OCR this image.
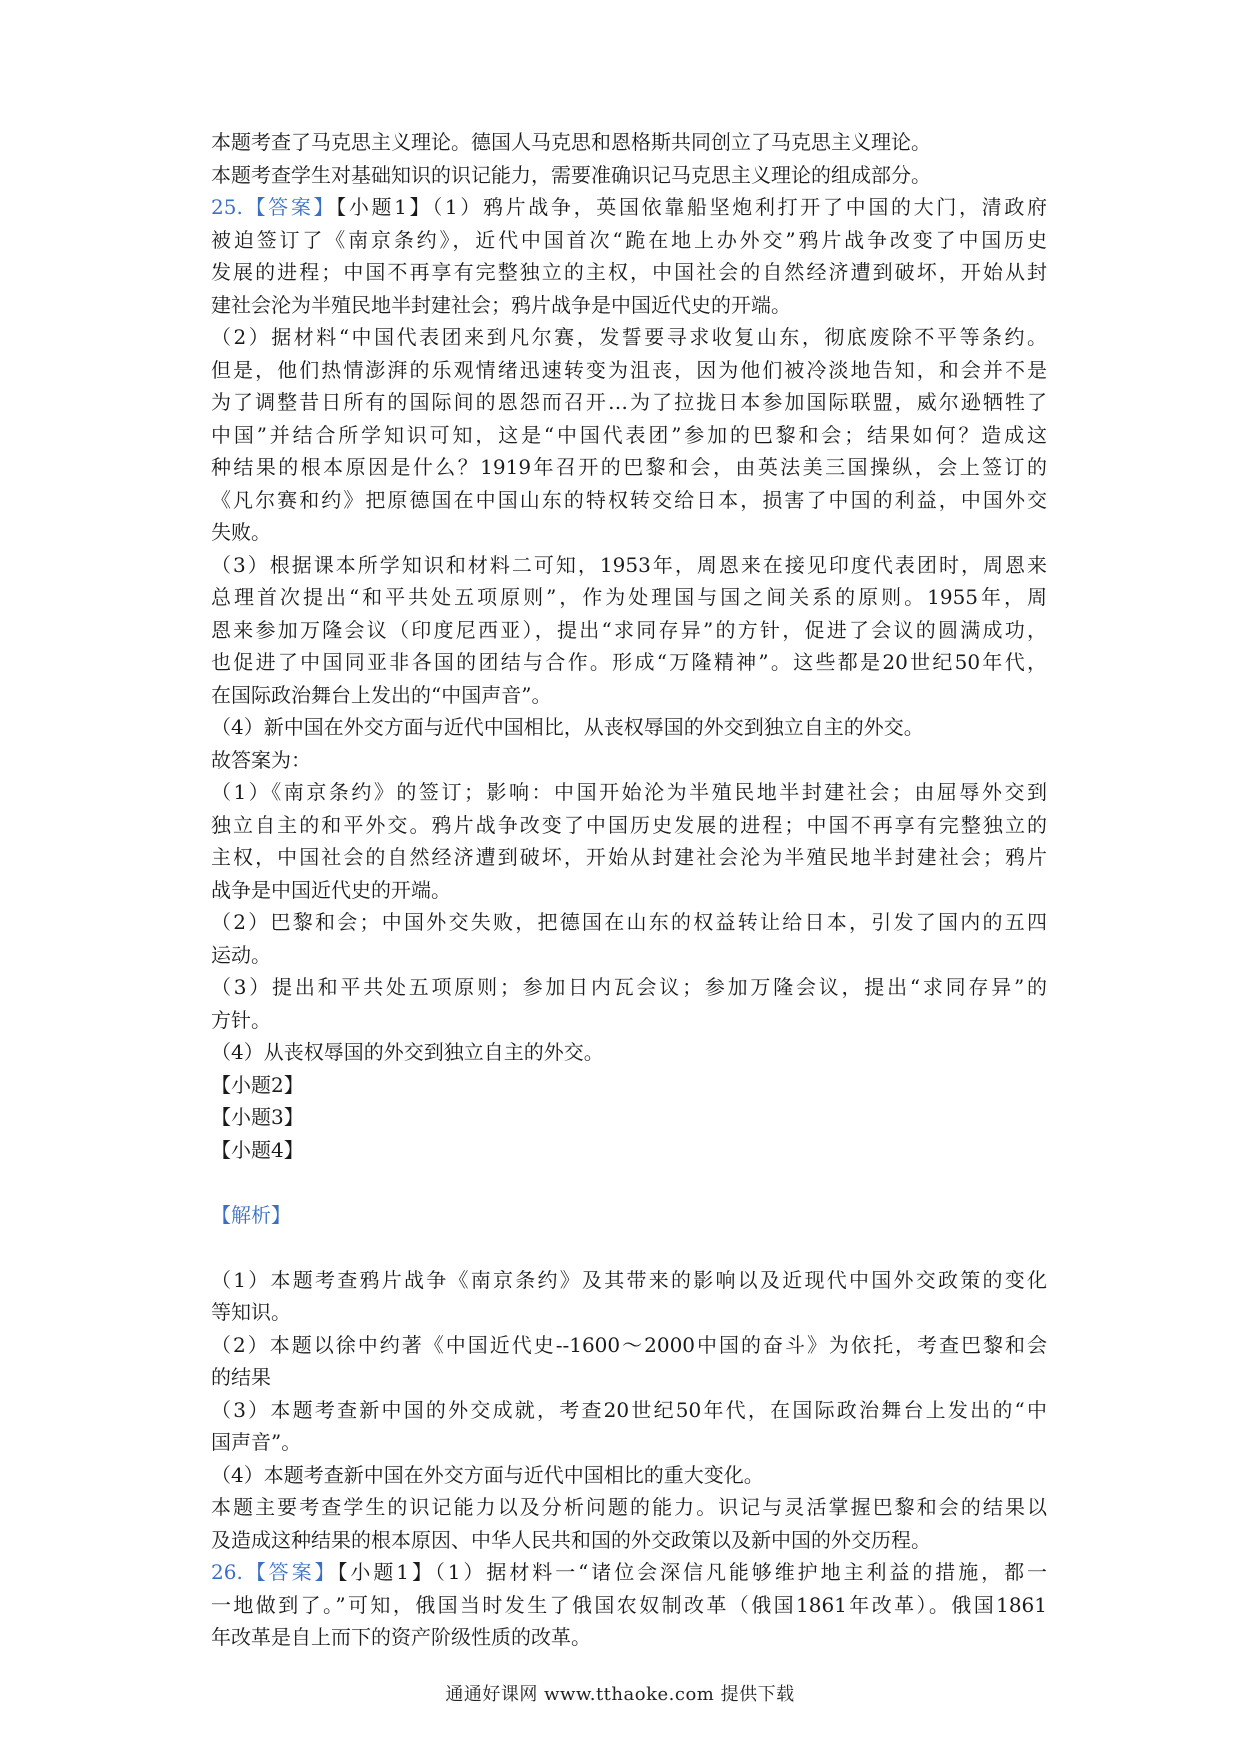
本题考查了马克思主义理论。德国人马克思和恩格斯共同创立了马克思主义理论。
本题考查学生对基础知识的识记能力，需要准确识记马克思主义理论的组成部分。
25.【答案】【小题1】（1）鸦片战争，英国依靠船坚炮利打开了中国的大门，清政府
被迫签订了《南京条约》，近代中国首次“跪在地上办外交”鸦片战争改变了中国历史
发展的进程；中国不再享有完整独立的主权，中国社会的自然经济遭到破坏，开始从封
建社会沦为半殖民地半封建社会；鸦片战争是中国近代史的开端。
（2）据材料“中国代表团来到凡尔赛，发誓要寻求收复山东，彻底废除不平等条约。
但是，他们热情澎湃的乐观情绪迅速转变为沮丧，因为他们被冷淡地告知，和会并不是
为了调整昔日所有的国际间的恩怨而召开…为了拉拢日本参加国际联盟，威尔逊牺牲了
中国”并结合所学知识可知，这是“中国代表团”参加的巴黎和会；结果如何？造成这
种结果的根本原因是什么？1919年召开的巴黎和会，由英法美三国操纵，会上签订的
《凡尔赛和约》把原德国在中国山东的特权转交给日本，损害了中国的利益，中国外交
失败。
（3）根据课本所学知识和材料二可知，1953年，周恩来在接见印度代表团时，周恩来
总理首次提出“和平共处五项原则”，作为处理国与国之间关系的原则。1955年，周
恩来参加万隆会议（印度尼西亚），提出“求同存异”的方针，促进了会议的圆满成功，
也促进了中国同亚非各国的团结与合作。形成“万隆精神”。这些都是20世纪50年代，
在国际政治舞台上发出的“中国声音”。
（4）新中国在外交方面与近代中国相比，从丧权辱国的外交到独立自主的外交。
故答案为：
（1）《南京条约》的签订；影响：中国开始沦为半殖民地半封建社会；由屈辱外交到
独立自主的和平外交。鸦片战争改变了中国历史发展的进程；中国不再享有完整独立的
主权，中国社会的自然经济遭到破坏，开始从封建社会沦为半殖民地半封建社会；鸦片
战争是中国近代史的开端。
（2）巴黎和会；中国外交失败，把德国在山东的权益转让给日本，引发了国内的五四
运动。
（3）提出和平共处五项原则；参加日内瓦会议；参加万隆会议，提出“求同存异”的
方针。
（4）从丧权辱国的外交到独立自主的外交。
【小题2】
【小题3】
【小题4】
【解析】
（1）本题考查鸦片战争《南京条约》及其带来的影响以及近现代中国外交政策的变化
等知识。
（2）本题以徐中约著《中国近代史--1600～2000中国的奋斗》为依托，考查巴黎和会
的结果
（3）本题考查新中国的外交成就，考查20世纪50年代，在国际政治舞台上发出的“中
国声音”。
（4）本题考查新中国在外交方面与近代中国相比的重大变化。
本题主要考查学生的识记能力以及分析问题的能力。识记与灵活掌握巴黎和会的结果以
及造成这种结果的根本原因、中华人民共和国的外交政策以及新中国的外交历程。
26.【答案】【小题1】（1）据材料一“诸位会深信凡能够维护地主利益的措施，都一
一地做到了。”可知，俄国当时发生了俄国农奴制改革（俄国1861年改革）。俄国1861
年改革是自上而下的资产阶级性质的改革。
通通好课网 www.tthaoke.com 提供下载
